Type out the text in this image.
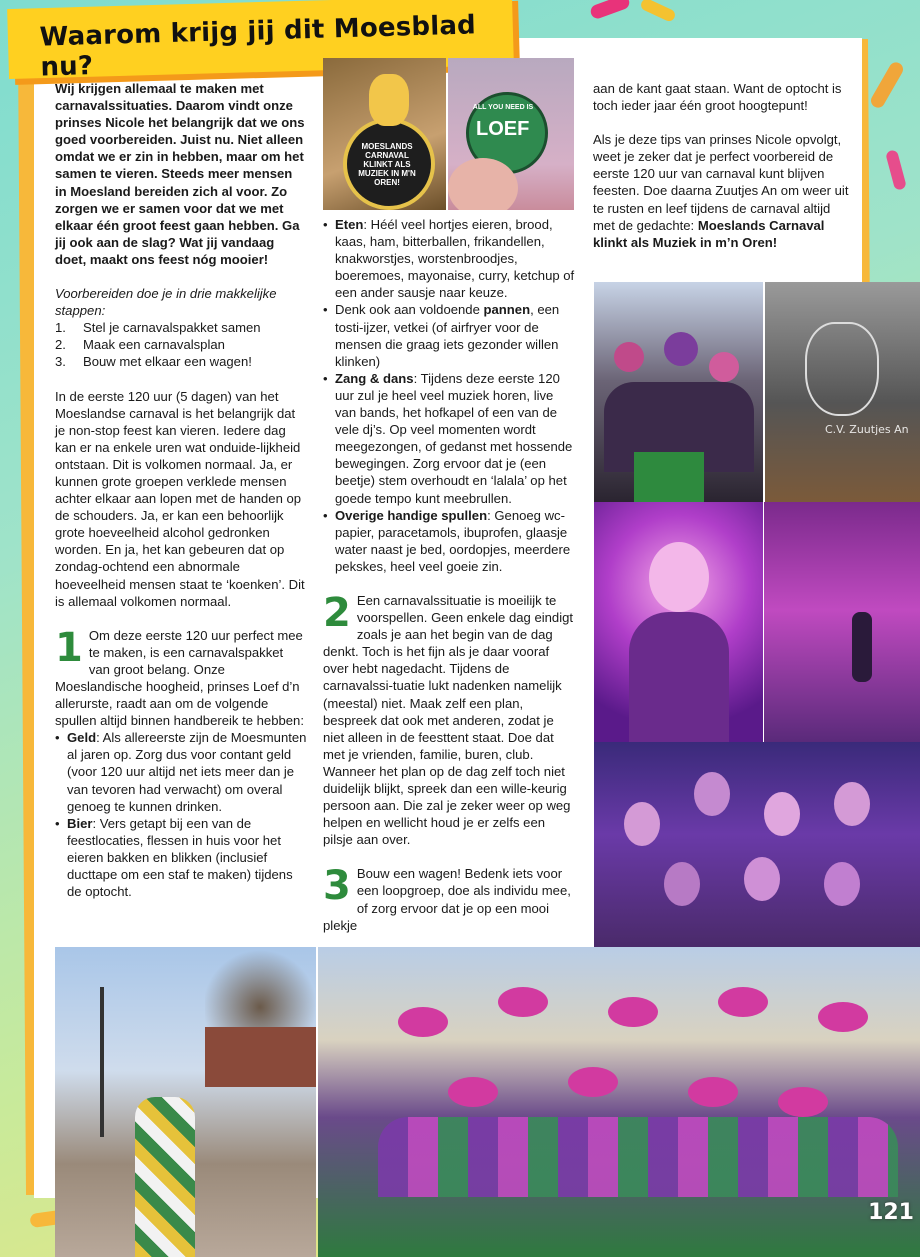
Waarom krijg jij dit Moesblad nu?

Wij krijgen allemaal te maken met carnavalssituaties. Daarom vindt onze prinses Nicole het belangrijk dat we ons goed voorbereiden. Juist nu. Niet alleen omdat we er zin in hebben, maar om het samen te vieren. Steeds meer mensen in Moesland bereiden zich al voor. Zo zorgen we er samen voor dat we met elkaar één groot feest gaan hebben. Ga jij ook aan de slag? Wat jij vandaag doet, maakt ons feest nóg mooier!

Voorbereiden doe je in drie makkelijke stappen:

1.	Stel je carnavalspakket samen
2.	Maak een carnavalsplan
3.	Bouw met elkaar een wagen!

In de eerste 120 uur (5 dagen) van het Moeslandse carnaval is het belangrijk dat je non-stop feest kan vieren. Iedere dag kan er na enkele uren wat onduide-lijkheid ontstaan. Dit is volkomen normaal. Ja, er kunnen grote groepen verklede mensen achter elkaar aan lopen met de handen op de schouders. Ja, er kan een behoorlijk grote hoeveelheid alcohol gedronken worden. En ja, het kan gebeuren dat op zondag-ochtend een abnormale hoeveelheid mensen staat te ‘koenken’. Dit is allemaal volkomen normaal.

1 Om deze eerste 120 uur perfect mee te maken, is een carnavalspakket van groot belang. Onze Moeslandische hoogheid, prinses Loef d’n allerurste, raadt aan om de volgende spullen altijd binnen handbereik te hebben:
• Geld: Als allereerste zijn de Moesmunten al jaren op. Zorg dus voor contant geld (voor 120 uur altijd net iets meer dan je van tevoren had verwacht) om overal genoeg te kunnen drinken.
• Bier: Vers getapt bij een van de feestlocaties, flessen in huis voor het eieren bakken en blikken (inclusief ducttape om een staf te maken) tijdens de optocht.
MOESLANDS CARNAVAL KLINKT ALS MUZIEK IN M'N OREN!
ALL YOU NEED IS
LOEF
• Eten: Héél veel hortjes eieren, brood, kaas, ham, bitterballen, frikandellen, knakworstjes, worstenbroodjes, boeremoes, mayonaise, curry, ketchup of een ander sausje naar keuze.
• Denk ook aan voldoende pannen, een tosti-ijzer, vetkei (of airfryer voor de mensen die graag iets gezonder willen klinken)
• Zang & dans: Tijdens deze eerste 120 uur zul je heel veel muziek horen, live van bands, het hofkapel of een van de vele dj’s. Op veel momenten wordt meegezongen, of gedanst met hossende bewegingen. Zorg ervoor dat je (een beetje) stem overhoudt en ‘lalala’ op het goede tempo kunt meebrullen.
• Overige handige spullen: Genoeg wc-papier, paracetamols, ibuprofen, glaasje water naast je bed, oordopjes, meerdere pekskes, heel veel goeie zin.
2 Een carnavalssituatie is moeilijk te voorspellen. Geen enkele dag eindigt zoals je aan het begin van de dag denkt. Toch is het fijn als je daar vooraf over hebt nagedacht. Tijdens de carnavalssi-tuatie lukt nadenken namelijk (meestal) niet. Maak zelf een plan, bespreek dat ook met anderen, zodat je niet alleen in de feesttent staat. Doe dat met je vrienden, familie, buren, club. Wanneer het plan op de dag zelf toch niet duidelijk blijkt, spreek dan een wille-keurig persoon aan. Die zal je zeker weer op weg helpen en wellicht houd je er zelfs een pilsje aan over.
3 Bouw een wagen! Bedenk iets voor een loopgroep, doe als individu mee, of zorg ervoor dat je op een mooi plekje

aan de kant gaat staan. Want de optocht is toch ieder jaar één groot hoogtepunt!

Als je deze tips van prinses Nicole opvolgt, weet je zeker dat je perfect voorbereid de eerste 120 uur van carnaval kunt blijven feesten. Doe daarna Zuutjes An om weer uit te rusten en leef tijdens de carnaval altijd met de gedachte: Moeslands Carnaval klinkt als Muziek in m’n Oren!

C.V. Zuutjes An
121
